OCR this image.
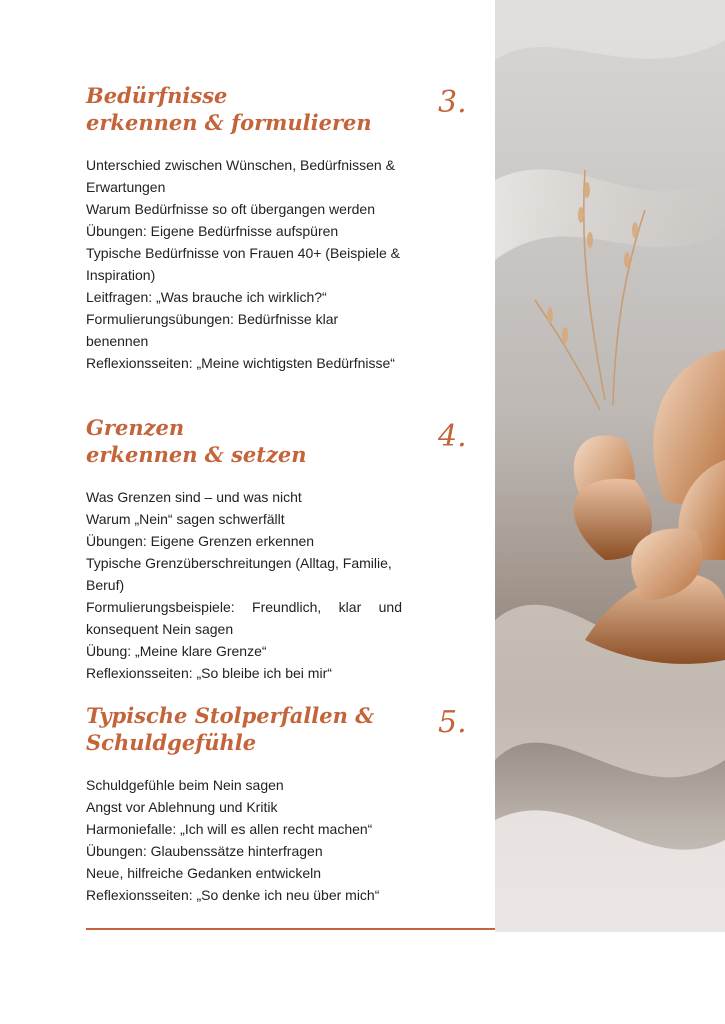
3.
Bedürfnisse
erkennen & formulieren
Unterschied zwischen Wünschen, Bedürfnissen & Erwartungen
Warum Bedürfnisse so oft übergangen werden
Übungen: Eigene Bedürfnisse aufspüren
Typische Bedürfnisse von Frauen 40+ (Beispiele & Inspiration)
Leitfragen: „Was brauche ich wirklich?“
Formulierungsübungen: Bedürfnisse klar benennen
Reflexionsseiten: „Meine wichtigsten Bedürfnisse“
4.
Grenzen
erkennen & setzen
Was Grenzen sind – und was nicht
Warum „Nein“ sagen schwerfällt
Übungen: Eigene Grenzen erkennen
Typische Grenzüberschreitungen (Alltag, Familie, Beruf)
Formulierungsbeispiele: Freundlich, klar und konsequent Nein sagen
Übung: „Meine klare Grenze“
Reflexionsseiten: „So bleibe ich bei mir“
5.
Typische Stolperfallen &
Schuldgefühle
Schuldgefühle beim Nein sagen
Angst vor Ablehnung und Kritik
Harmoniefalle: „Ich will es allen recht machen“
Übungen: Glaubenssätze hinterfragen
Neue, hilfreiche Gedanken entwickeln
Reflexionsseiten: „So denke ich neu über mich“
